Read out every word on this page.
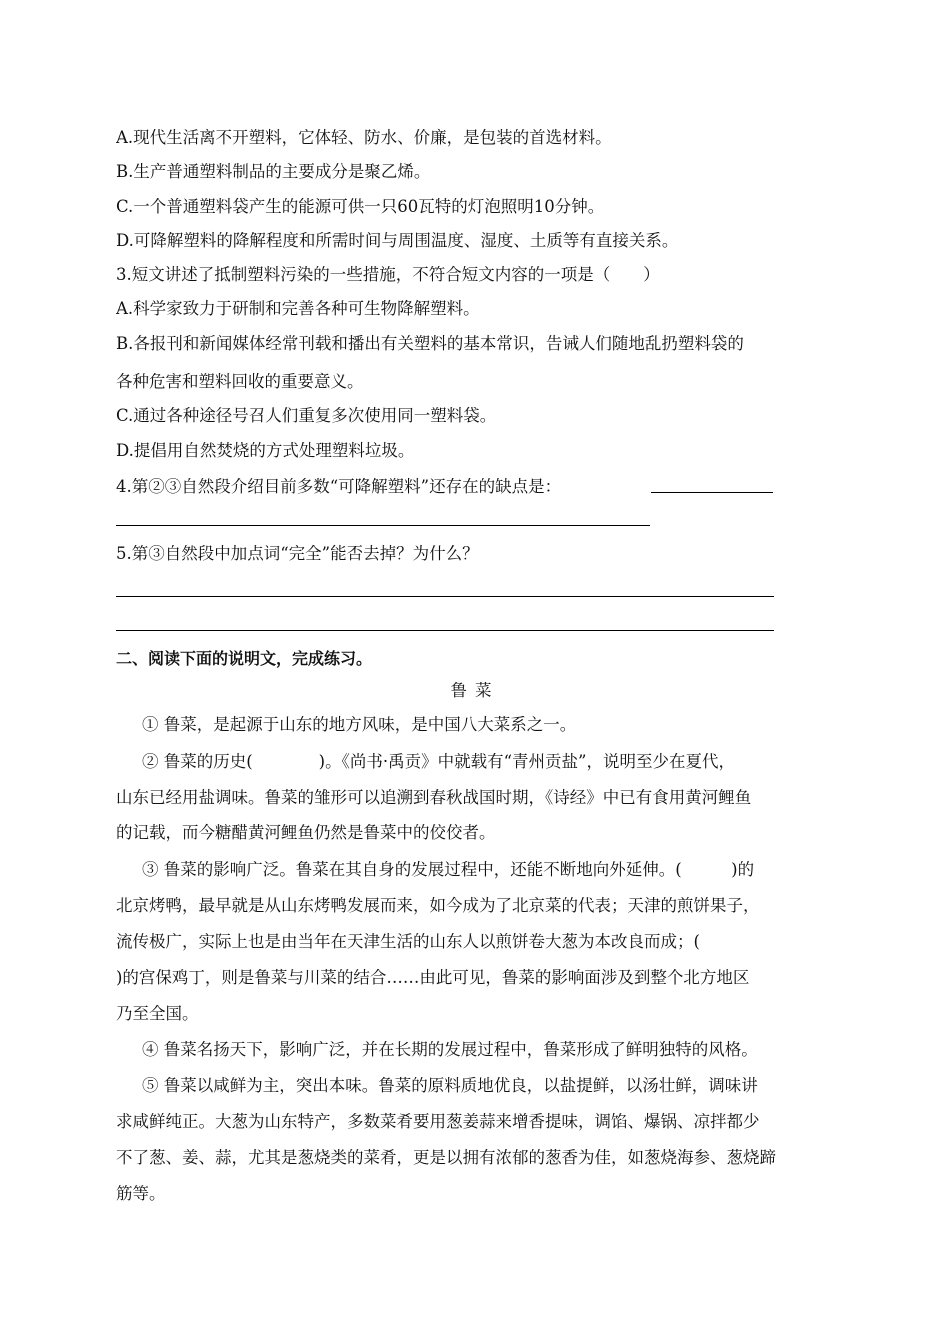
A.现代生活离不开塑料，它体轻、防水、价廉，是包装的首选材料。
B.生产普通塑料制品的主要成分是聚乙烯。
C.一个普通塑料袋产生的能源可供一只60瓦特的灯泡照明10分钟。
D.可降解塑料的降解程度和所需时间与周围温度、湿度、土质等有直接关系。
3.短文讲述了抵制塑料污染的一些措施，不符合短文内容的一项是（　　）
A.科学家致力于研制和完善各种可生物降解塑料。
B.各报刊和新闻媒体经常刊载和播出有关塑料的基本常识，告诫人们随地乱扔塑料袋的
各种危害和塑料回收的重要意义。
C.通过各种途径号召人们重复多次使用同一塑料袋。
D.提倡用自然焚烧的方式处理塑料垃圾。
4.第②③自然段介绍目前多数“可降解塑料”还存在的缺点是：
5.第③自然段中加点词“完全”能否去掉？为什么？
二、阅读下面的说明文，完成练习。
鲁菜
① 鲁菜，是起源于山东的地方风味，是中国八大菜系之一。
② 鲁菜的历史(　　　　)。《尚书·禹贡》中就载有“青州贡盐”，说明至少在夏代，
山东已经用盐调味。鲁菜的雏形可以追溯到春秋战国时期，《诗经》中已有食用黄河鲤鱼
的记载，而今糖醋黄河鲤鱼仍然是鲁菜中的佼佼者。
③ 鲁菜的影响广泛。鲁菜在其自身的发展过程中，还能不断地向外延伸。(　　　)的
北京烤鸭，最早就是从山东烤鸭发展而来，如今成为了北京菜的代表；天津的煎饼果子，
流传极广，实际上也是由当年在天津生活的山东人以煎饼卷大葱为本改良而成；(
)的宫保鸡丁，则是鲁菜与川菜的结合……由此可见，鲁菜的影响面涉及到整个北方地区
乃至全国。
④ 鲁菜名扬天下，影响广泛，并在长期的发展过程中，鲁菜形成了鲜明独特的风格。
⑤ 鲁菜以咸鲜为主，突出本味。鲁菜的原料质地优良，以盐提鲜，以汤壮鲜，调味讲
求咸鲜纯正。大葱为山东特产，多数菜肴要用葱姜蒜来增香提味，调馅、爆锅、凉拌都少
不了葱、姜、蒜，尤其是葱烧类的菜肴，更是以拥有浓郁的葱香为佳，如葱烧海参、葱烧蹄
筋等。
